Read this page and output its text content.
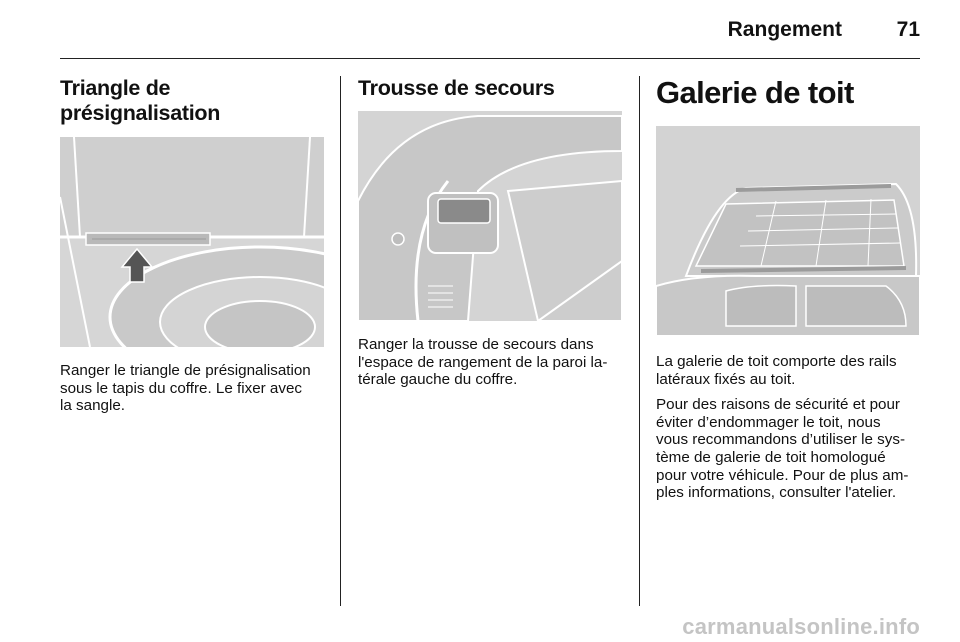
Rangement	71
Triangle de
présignalisation

Ranger le triangle de présignalisation
sous le tapis du coffre. Le fixer avec
la sangle.

Trousse de secours

Ranger la trousse de secours dans
l'espace de rangement de la paroi la-
térale gauche du coffre.

Galerie de toit

La galerie de toit comporte des rails
latéraux fixés au toit.

Pour des raisons de sécurité et pour
éviter d’endommager le toit, nous
vous recommandons d’utiliser le sys-
tème de galerie de toit homologué
pour votre véhicule. Pour de plus am-
ples informations, consulter l'atelier.

carmanualsonline.info
